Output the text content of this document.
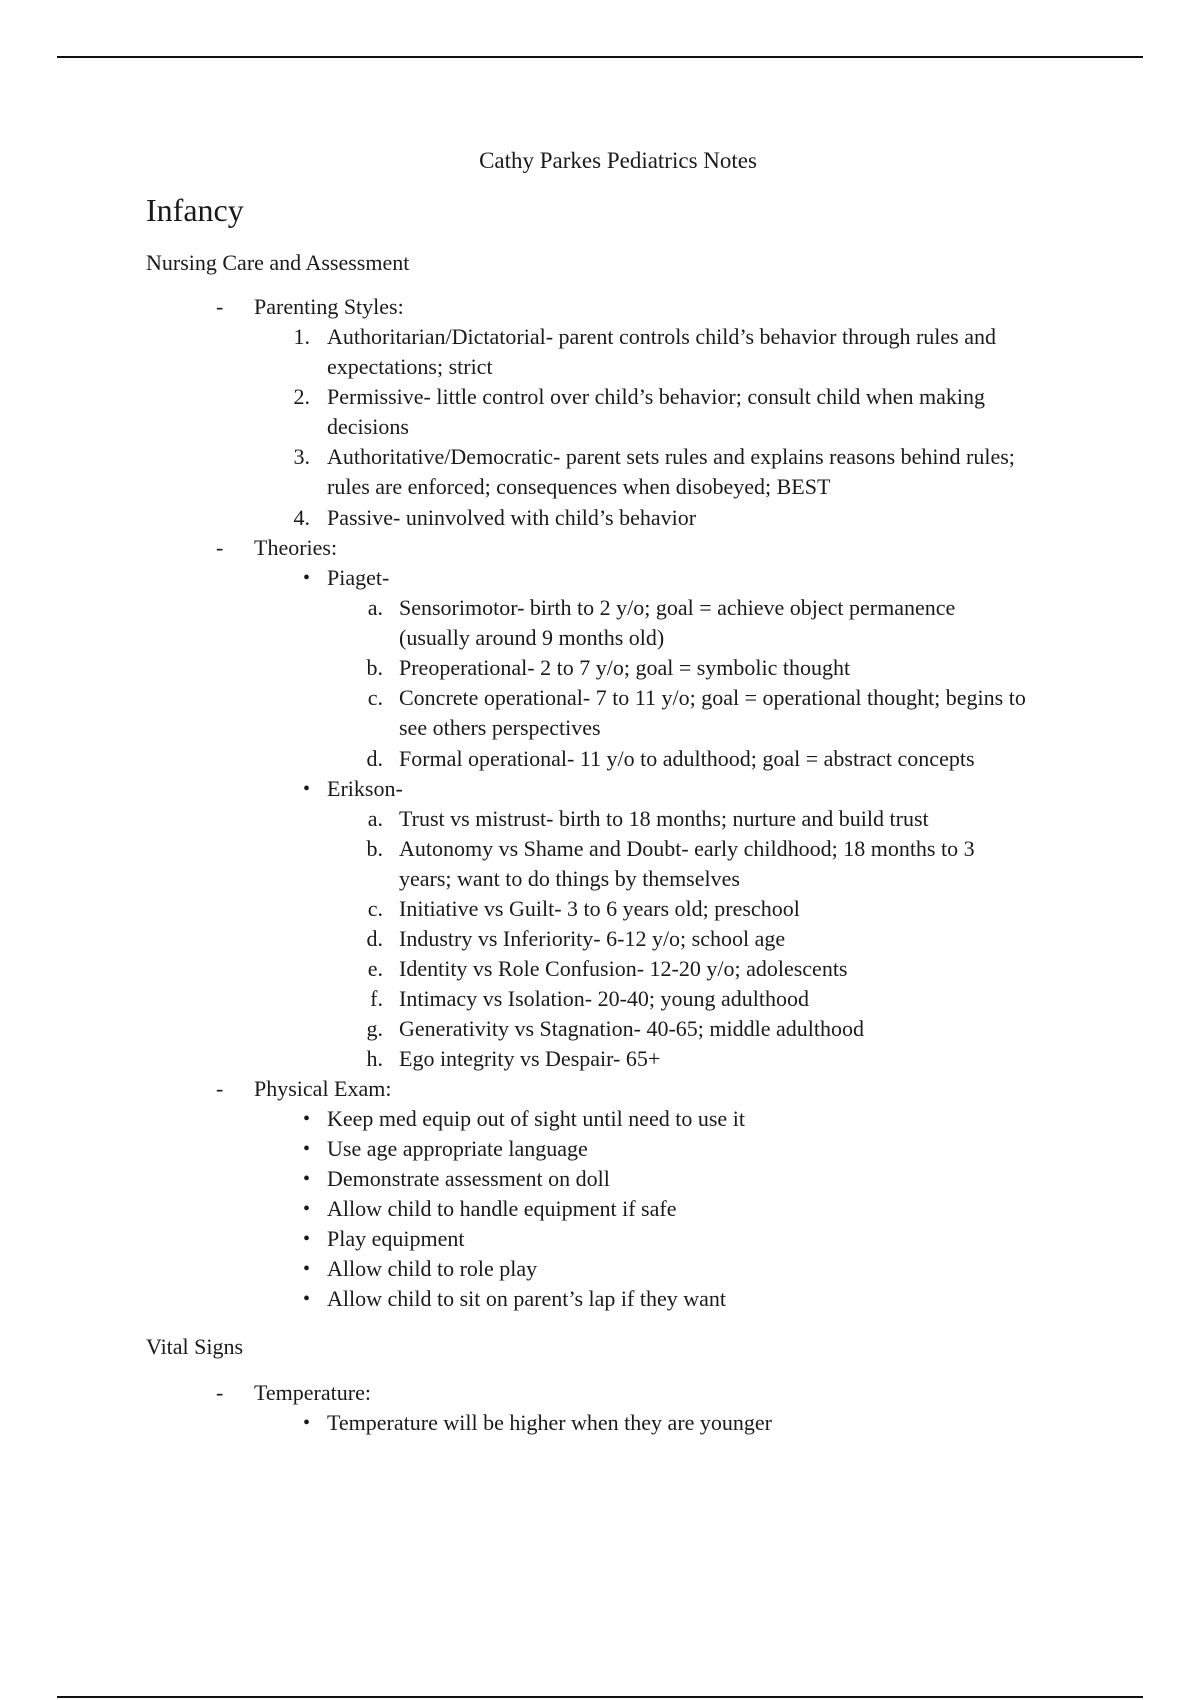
Cathy Parkes Pediatrics Notes
Infancy
Nursing Care and Assessment
- Parenting Styles:
1. Authoritarian/Dictatorial- parent controls child’s behavior through rules and
expectations; strict
2. Permissive- little control over child’s behavior; consult child when making
decisions
3. Authoritative/Democratic- parent sets rules and explains reasons behind rules;
rules are enforced; consequences when disobeyed; BEST
4. Passive- uninvolved with child’s behavior
- Theories:
• Piaget-
a. Sensorimotor- birth to 2 y/o; goal = achieve object permanence
(usually around 9 months old)
b. Preoperational- 2 to 7 y/o; goal = symbolic thought
c. Concrete operational- 7 to 11 y/o; goal = operational thought; begins to
see others perspectives
d. Formal operational- 11 y/o to adulthood; goal = abstract concepts
• Erikson-
a. Trust vs mistrust- birth to 18 months; nurture and build trust
b. Autonomy vs Shame and Doubt- early childhood; 18 months to 3
years; want to do things by themselves
c. Initiative vs Guilt- 3 to 6 years old; preschool
d. Industry vs Inferiority- 6-12 y/o; school age
e. Identity vs Role Confusion- 12-20 y/o; adolescents
f. Intimacy vs Isolation- 20-40; young adulthood
g. Generativity vs Stagnation- 40-65; middle adulthood
h. Ego integrity vs Despair- 65+
- Physical Exam:
• Keep med equip out of sight until need to use it
• Use age appropriate language
• Demonstrate assessment on doll
• Allow child to handle equipment if safe
• Play equipment
• Allow child to role play
• Allow child to sit on parent’s lap if they want
Vital Signs
- Temperature:
• Temperature will be higher when they are younger
